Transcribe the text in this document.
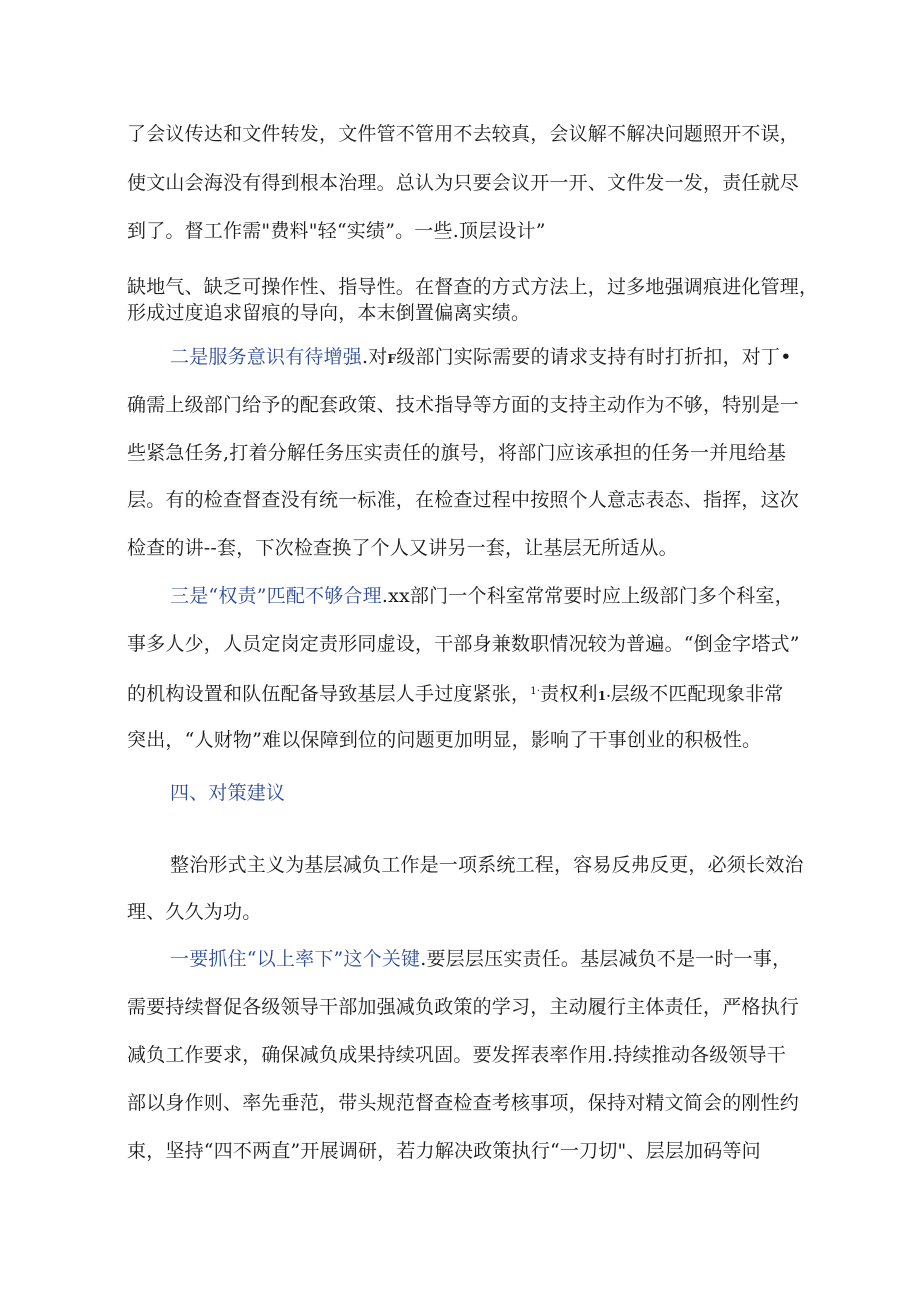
了会议传达和文件转发，文件管不管用不去较真，会议解不解决问题照开不误，
使文山会海没有得到根本治理。总认为只要会议开一开、文件发一发，责任就尽
到了。督工作需"费料"轻“实绩”。一些.顶层设计”
缺地气、缺乏可操作性、指导性。在督查的方式方法上，过多地强调痕进化管理，
形成过度追求留痕的导向，本末倒置偏离实绩。
二是服务意识有待增强.对F级部门实际需要的请求支持有时打折扣，对丁•
确需上级部门给予的配套政策、技术指导等方面的支持主动作为不够，特别是一
些紧急任务,打着分解任务压实责任的旗号，将部门应该承担的任务一并甩给基
层。有的检查督查没有统一标准，在检查过程中按照个人意志表态、指挥，这次
检查的讲--套，下次检查换了个人又讲另一套，让基层无所适从。
三是“权责”匹配不够合理.xx部门一个科室常常要时应上级部门多个科室，
事多人少，人员定岗定责形同虚设，干部身兼数职情况较为普遍。“倒金字塔式”
的机构设置和队伍配备导致基层人手过度紧张，$^{1\cdot}$责权利1·层级不匹配现象非常
突出，“人财物”难以保障到位的问题更加明显，影响了干事创业的积极性。
四、对策建议
整治形式主义为基层减负工作是一项系统工程，容易反弗反更，必须长效治
理、久久为功。
一要抓住“以上率下”这个关键.要层层压实责任。基层减负不是一时一事，
需要持续督促各级领导干部加强减负政策的学习，主动履行主体责任，严格执行
减负工作要求，确保减负成果持续巩固。要发挥表率作用.持续推动各级领导干
部以身作则、率先垂范，带头规范督查检查考核事项，保持对精文简会的刚性约
束，坚持“四不两直”开展调研，若力解决政策执行“一刀切"、层层加码等问
